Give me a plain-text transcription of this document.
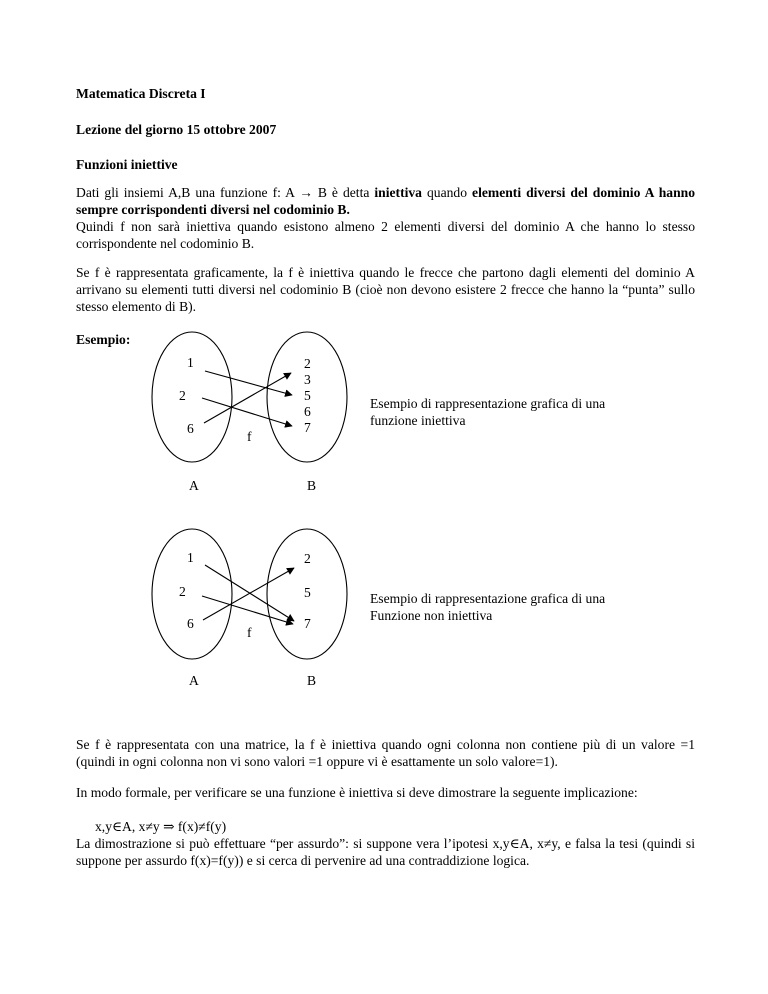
Matematica Discreta I

Lezione del giorno 15 ottobre 2007

Funzioni iniettive

Dati gli insiemi A,B una funzione f: A → B è detta iniettiva quando elementi diversi del dominio A hanno sempre corrispondenti diversi nel codominio B.

Quindi f non sarà iniettiva quando esistono almeno 2 elementi diversi del dominio A che hanno lo stesso corrispondente nel codominio B.

Se f è rappresentata graficamente, la f è iniettiva quando le frecce che partono dagli elementi del dominio A arrivano su elementi tutti diversi nel codominio B (cioè non devono esistere 2 frecce che hanno la “punta” sullo stesso elemento di B).

Esempio:

1
2
6
2
3
5
6
7
f
A	B
Esempio di rappresentazione grafica di una
funzione iniettiva
1
2
6
2
5
7
f
A	B
Esempio di rappresentazione grafica di una
Funzione non iniettiva

Se f è rappresentata con una matrice, la f è iniettiva quando ogni colonna non contiene più di un valore =1 (quindi in ogni colonna non vi sono valori =1 oppure vi è esattamente un solo valore=1).

In modo formale, per verificare se una funzione è iniettiva si deve dimostrare la seguente implicazione:

x,y∈A, x≠y ⇒ f(x)≠f(y)

La dimostrazione si può effettuare “per assurdo”: si suppone vera l’ipotesi x,y∈A, x≠y, e falsa la tesi (quindi si suppone per assurdo f(x)=f(y)) e si cerca di pervenire ad una contraddizione logica.
